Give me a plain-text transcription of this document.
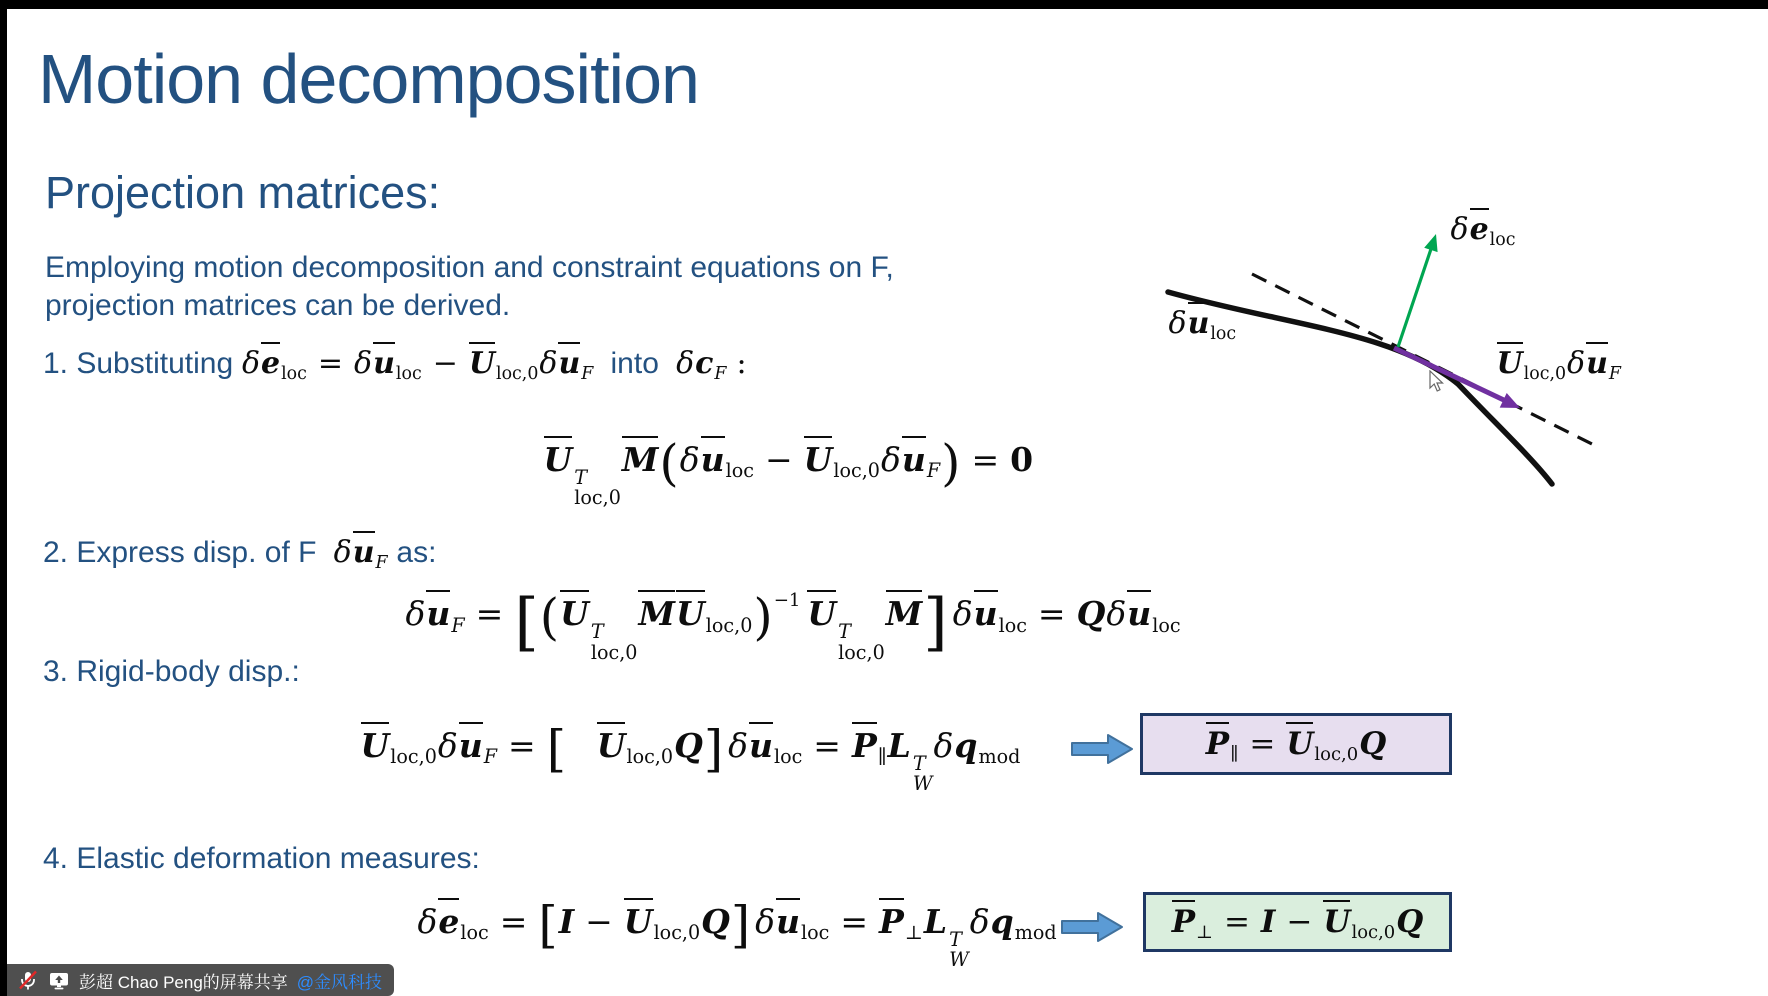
Motion decomposition
Projection matrices:
Employing motion decomposition and constraint equations on F,
projection matrices can be derived.
1. Substituting δeloc = δuloc − Uloc,0δuF  into  δcF :
U T
loc,0
M(δuloc − Uloc,0δuF) = 0
2. Express disp. of F  δuF as:
δuF = [(U T
loc,0
MUloc,0)$^{-1}$ U T
loc,0
M] δuloc = Qδuloc
3. Rigid-body disp.:
Uloc,0δuF = [ Uloc,0Q] δuloc = P∥L T
W
δqmod	P∥ = Uloc,0Q
4. Elastic deformation measures:
δeloc = [I − Uloc,0Q] δuloc = P⊥L T
W
δqmod	P⊥ = I − Uloc,0Q
δeloc
δuloc
Uloc,0δuF
彭超 Chao Peng的屏幕共享 @金风科技
